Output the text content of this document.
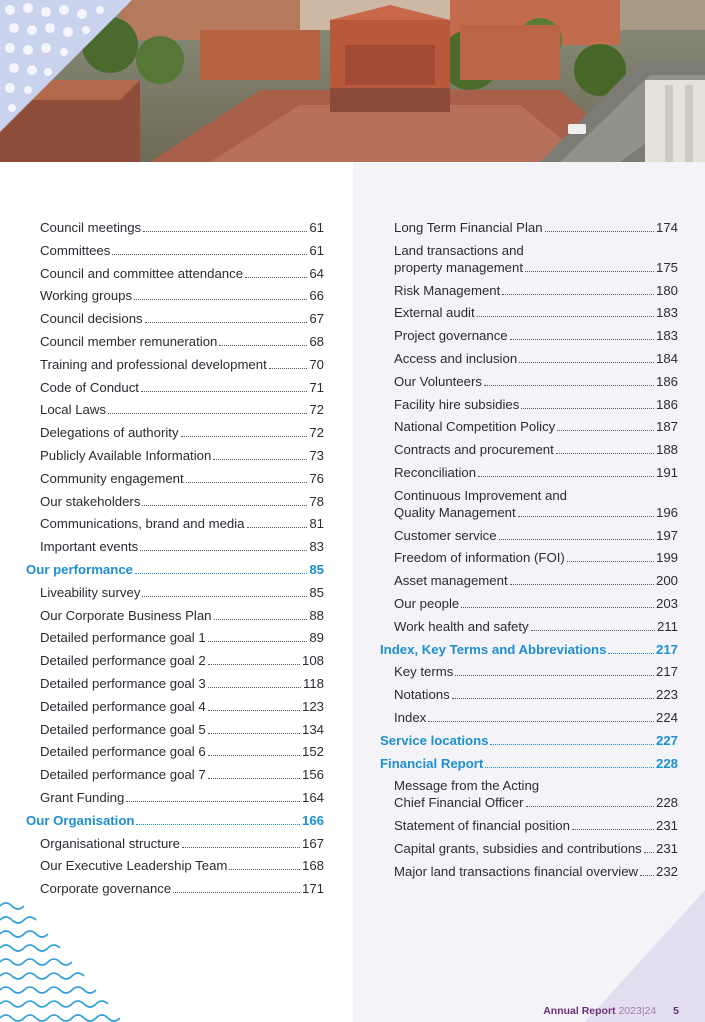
Council meetings	61
Committees	61
Council and committee attendance	64
Working groups	66
Council decisions	67
Council member remuneration	68
Training and professional development	70
Code of Conduct	71
Local Laws	72
Delegations of authority	72
Publicly Available Information	73
Community engagement	76
Our stakeholders	78
Communications, brand and media	81
Important events	83
Our performance	85
Liveability survey	85
Our Corporate Business Plan	88
Detailed performance goal 1	89
Detailed performance goal 2	108
Detailed performance goal 3	118
Detailed performance goal 4	123
Detailed performance goal 5	134
Detailed performance goal 6	152
Detailed performance goal 7	156
Grant Funding	164
Our Organisation	166
Organisational structure	167
Our Executive Leadership Team	168
Corporate governance	171
Long Term Financial Plan	174
Land transactions and
property management	175
Risk Management	180
External audit	183
Project governance	183
Access and inclusion	184
Our Volunteers	186
Facility hire subsidies	186
National Competition Policy	187
Contracts and procurement	188
Reconciliation	191
Continuous Improvement and
Quality Management	196
Customer service	197
Freedom of information (FOI)	199
Asset management	200
Our people	203
Work health and safety	211
Index, Key Terms and Abbreviations	217
Key terms	217
Notations	223
Index	224
Service locations	227
Financial Report	228
Message from the Acting
Chief Financial Officer	228
Statement of financial position	231
Capital grants, subsidies and contributions 231
Major land transactions financial overview 232
Annual Report 2023|24 5
